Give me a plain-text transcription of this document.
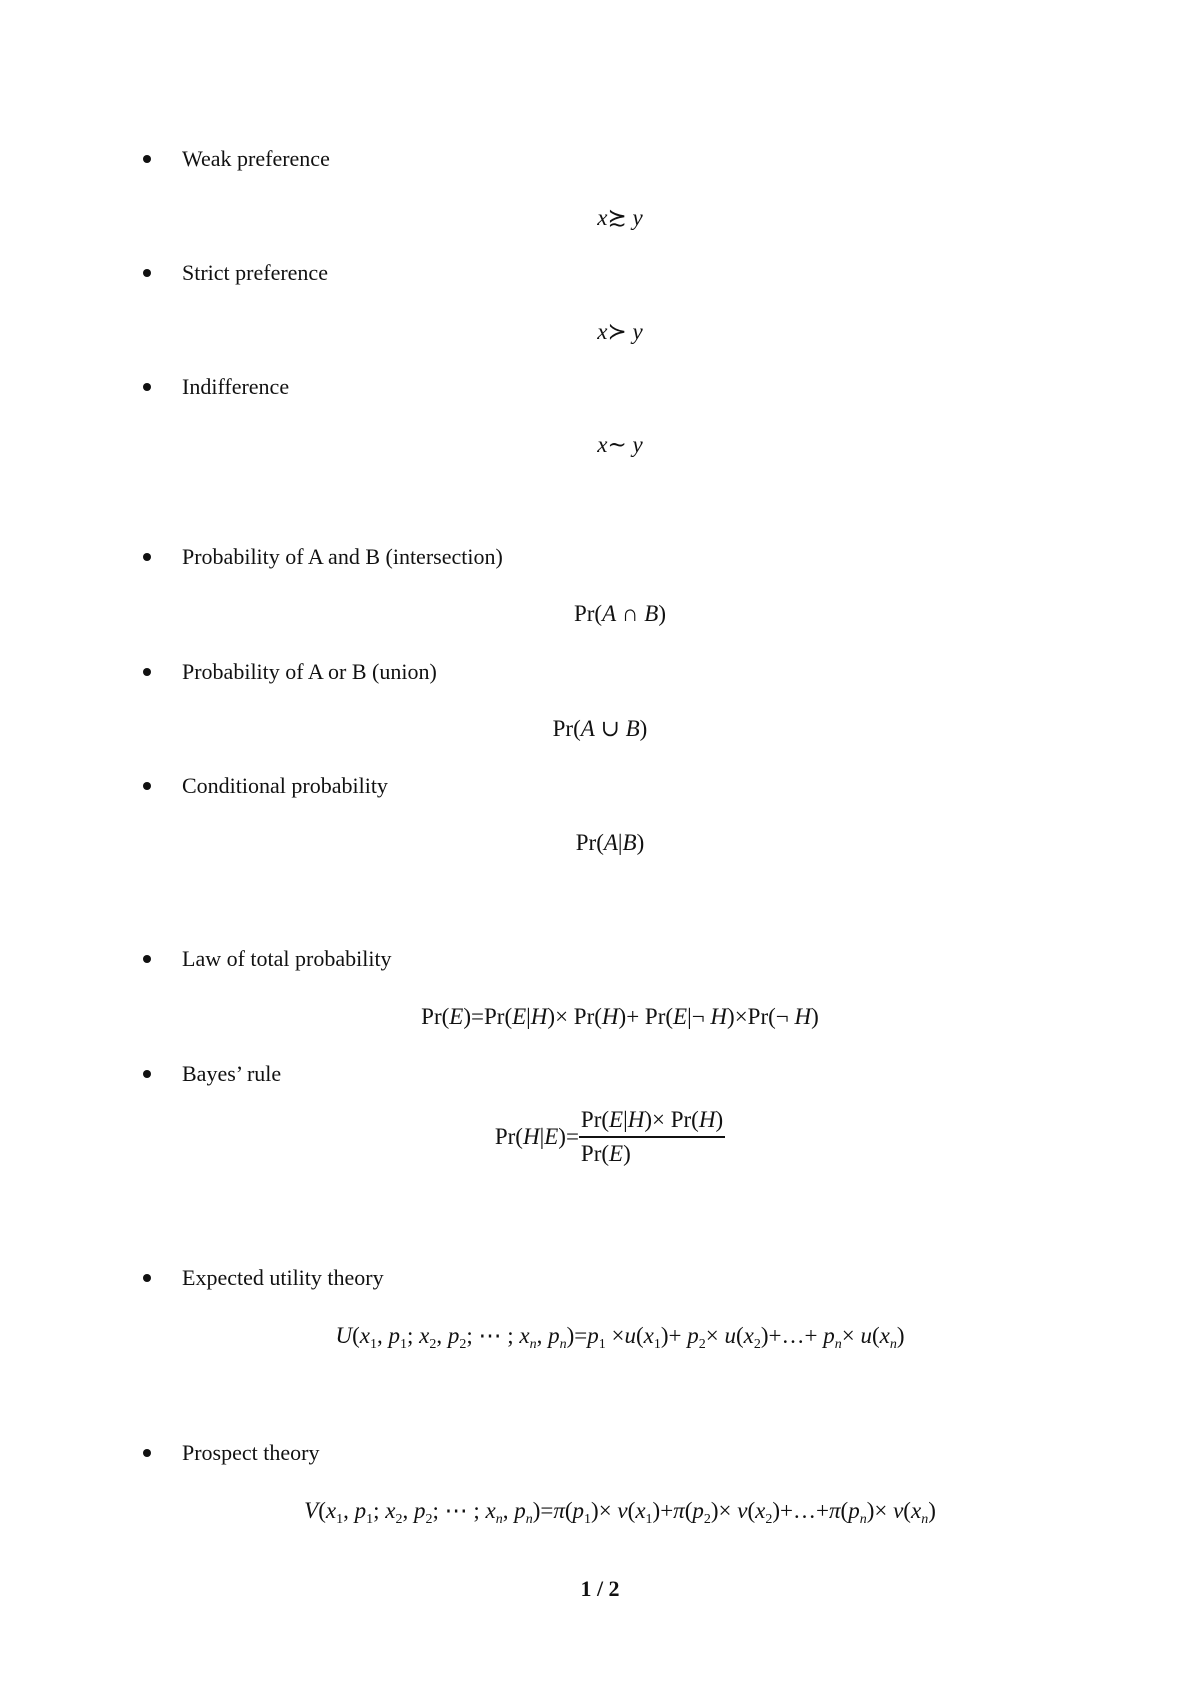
Weak preference
x≿ y
Strict preference
x≻ y
Indifference
x∼ y
Probability of A and B (intersection)
Pr(A ∩ B)
Probability of A or B (union)
Pr(A ∪ B)
Conditional probability
Pr(A|B)
Law of total probability
Pr(E)=Pr(E|H)× Pr(H)+ Pr(E|¬ H)×Pr(¬ H)
Bayes’ rule
$Pr(H|E)= \frac{Pr(E|H)\times Pr(H)}{Pr(E)}$
Expected utility theory
$U(x_1$, $p_1$; $x_2$, $p_2$; ⋯ ; $x_n$, $p_n)=p_1 \times u(x_1)+ p_2\times$ $u(x_2)+\dots+ p_n\times u(x_n)$
Prospect theory
$V(x_1$, $p_1$; $x_2$, $p_2$; ⋯ ; $x_n$, $p_n)=\pi(p_1)\times v(x_1)+\pi(p_2)\times$ $v(x_2)+\dots+\pi(p_n)\times v(x_n)$
1 / 2
